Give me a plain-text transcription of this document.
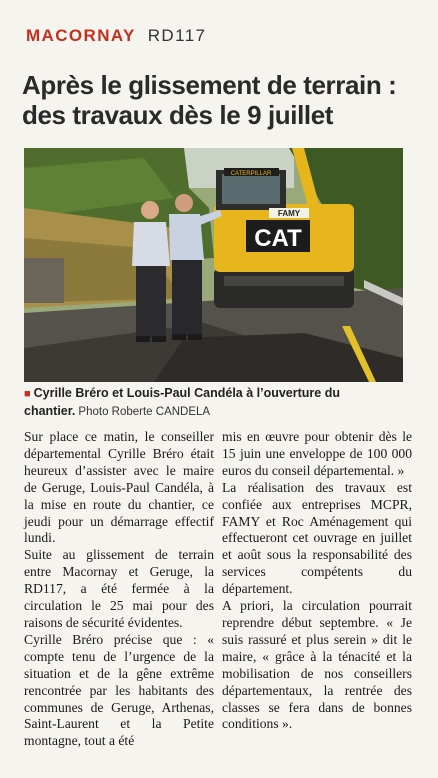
MACORNAY RD117
Après le glissement de terrain : des travaux dès le 9 juillet
FAMY
CATERPILLAR
CAT
■ Cyrille Bréro et Louis-Paul Candéla à l’ouverture du chantier. Photo Roberte CANDELA

Sur place ce matin, le conseiller départemental Cyrille Bréro était heureux d’assister avec le maire de Geruge, Louis-Paul Candéla, à la mise en route du chantier, ce jeudi pour un démarrage effectif lundi.

Suite au glissement de terrain entre Macornay et Geruge, la RD117, a été fermée à la circulation le 25 mai pour des raisons de sécurité évidentes.

Cyrille Bréro précise que : « compte tenu de l’urgence de la situation et de la gêne extrême rencontrée par les habitants des communes de Geruge, Arthenas, Saint-Laurent et la Petite montagne, tout a été

mis en œuvre pour obtenir dès le 15 juin une enveloppe de 100 000 euros du conseil départemental. »

La réalisation des travaux est confiée aux entreprises MCPR, FAMY et Roc Aménagement qui effectueront cet ouvrage en juillet et août sous la responsabilité des services compétents du département.

A priori, la circulation pourrait reprendre début septembre. « Je suis rassuré et plus serein » dit le maire, « grâce à la ténacité et la mobilisation de nos conseillers départementaux, la rentrée des classes se fera dans de bonnes conditions ».
